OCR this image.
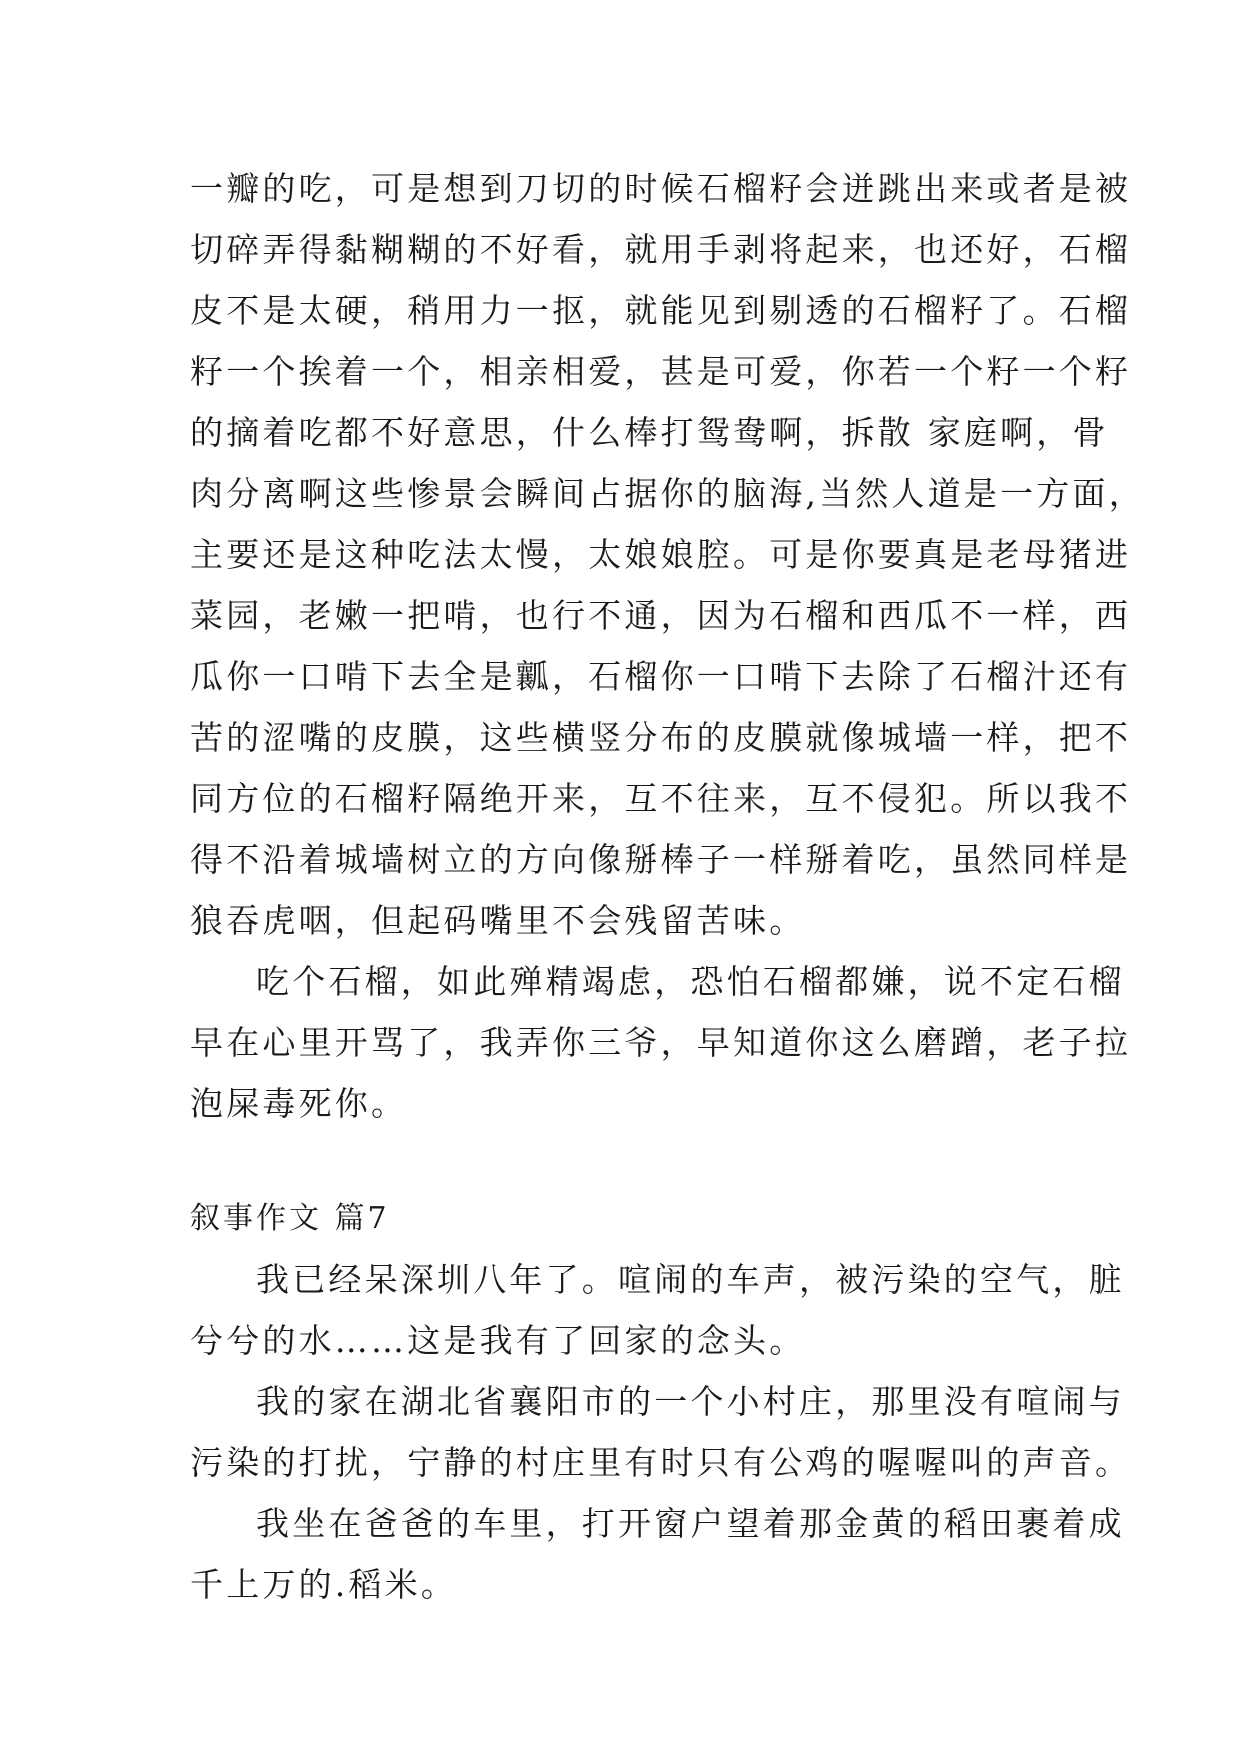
一瓣的吃，可是想到刀切的时候石榴籽会迸跳出来或者是被
切碎弄得黏糊糊的不好看，就用手剥将起来，也还好，石榴
皮不是太硬，稍用力一抠，就能见到剔透的石榴籽了。石榴
籽一个挨着一个，相亲相爱，甚是可爱，你若一个籽一个籽
的摘着吃都不好意思，什么棒打鸳鸯啊，拆散 家庭啊，骨
肉分离啊这些惨景会瞬间占据你的脑海,当然人道是一方面，
主要还是这种吃法太慢，太娘娘腔。可是你要真是老母猪进
菜园，老嫩一把啃，也行不通，因为石榴和西瓜不一样，西
瓜你一口啃下去全是瓤，石榴你一口啃下去除了石榴汁还有
苦的涩嘴的皮膜，这些横竖分布的皮膜就像城墙一样，把不
同方位的石榴籽隔绝开来，互不往来，互不侵犯。所以我不
得不沿着城墙树立的方向像掰棒子一样掰着吃，虽然同样是
狼吞虎咽，但起码嘴里不会残留苦味。
吃个石榴，如此殚精竭虑，恐怕石榴都嫌，说不定石榴
早在心里开骂了，我弄你三爷，早知道你这么磨蹭，老子拉
泡屎毒死你。
叙事作文 篇7
我已经呆深圳八年了。喧闹的车声，被污染的空气，脏
兮兮的水……这是我有了回家的念头。
我的家在湖北省襄阳市的一个小村庄，那里没有喧闹与
污染的打扰，宁静的村庄里有时只有公鸡的喔喔叫的声音。
我坐在爸爸的车里，打开窗户望着那金黄的稻田裹着成
千上万的.稻米。
